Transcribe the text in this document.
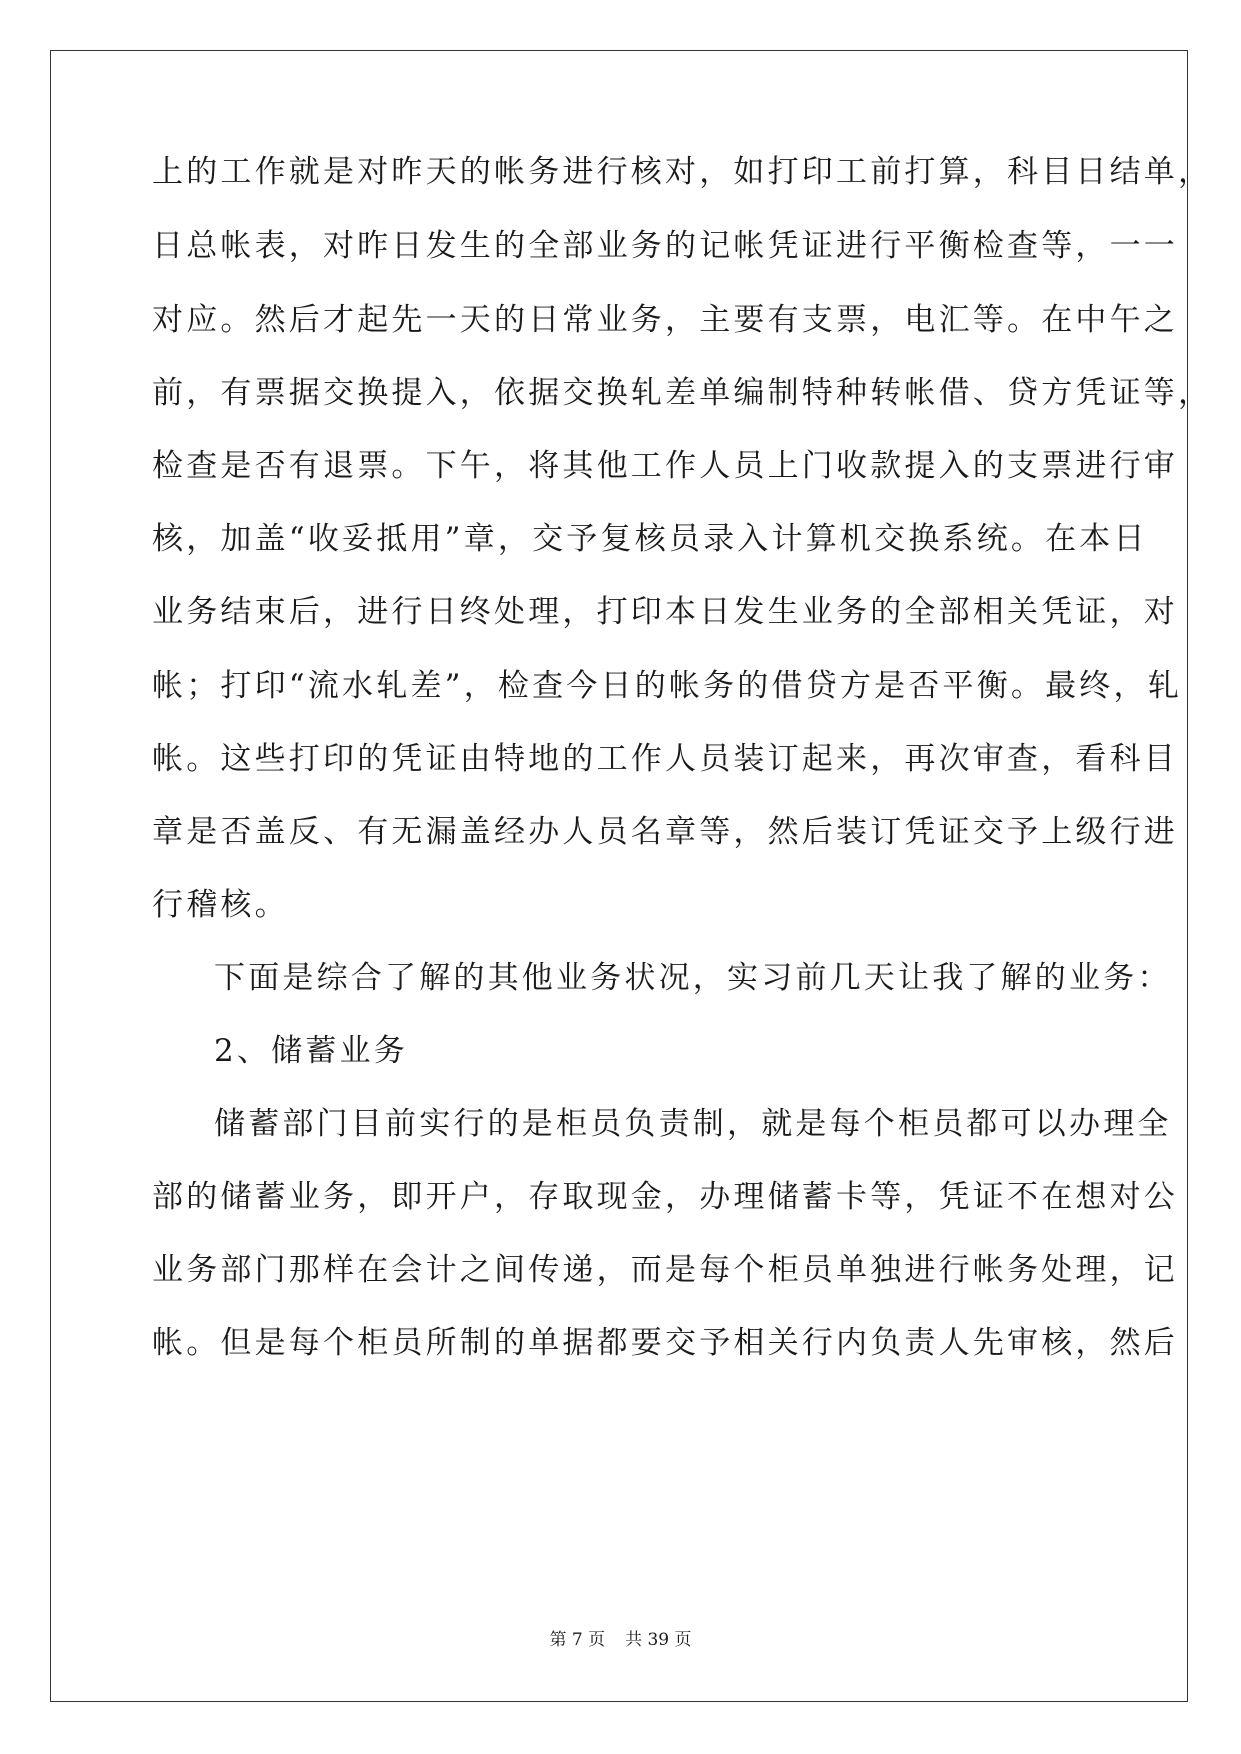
上的工作就是对昨天的帐务进行核对，如打印工前打算，科目日结单，
日总帐表，对昨日发生的全部业务的记帐凭证进行平衡检查等，一一
对应。然后才起先一天的日常业务，主要有支票，电汇等。在中午之
前，有票据交换提入，依据交换轧差单编制特种转帐借、贷方凭证等，
检查是否有退票。下午，将其他工作人员上门收款提入的支票进行审
核，加盖“收妥抵用”章，交予复核员录入计算机交换系统。在本日
业务结束后，进行日终处理，打印本日发生业务的全部相关凭证，对
帐；打印“流水轧差”，检查今日的帐务的借贷方是否平衡。最终，轧
帐。这些打印的凭证由特地的工作人员装订起来，再次审查，看科目
章是否盖反、有无漏盖经办人员名章等，然后装订凭证交予上级行进
行稽核。
下面是综合了解的其他业务状况，实习前几天让我了解的业务：
2、储蓄业务
储蓄部门目前实行的是柜员负责制，就是每个柜员都可以办理全
部的储蓄业务，即开户，存取现金，办理储蓄卡等，凭证不在想对公
业务部门那样在会计之间传递，而是每个柜员单独进行帐务处理，记
帐。但是每个柜员所制的单据都要交予相关行内负责人先审核，然后
第 7 页 共 39 页
